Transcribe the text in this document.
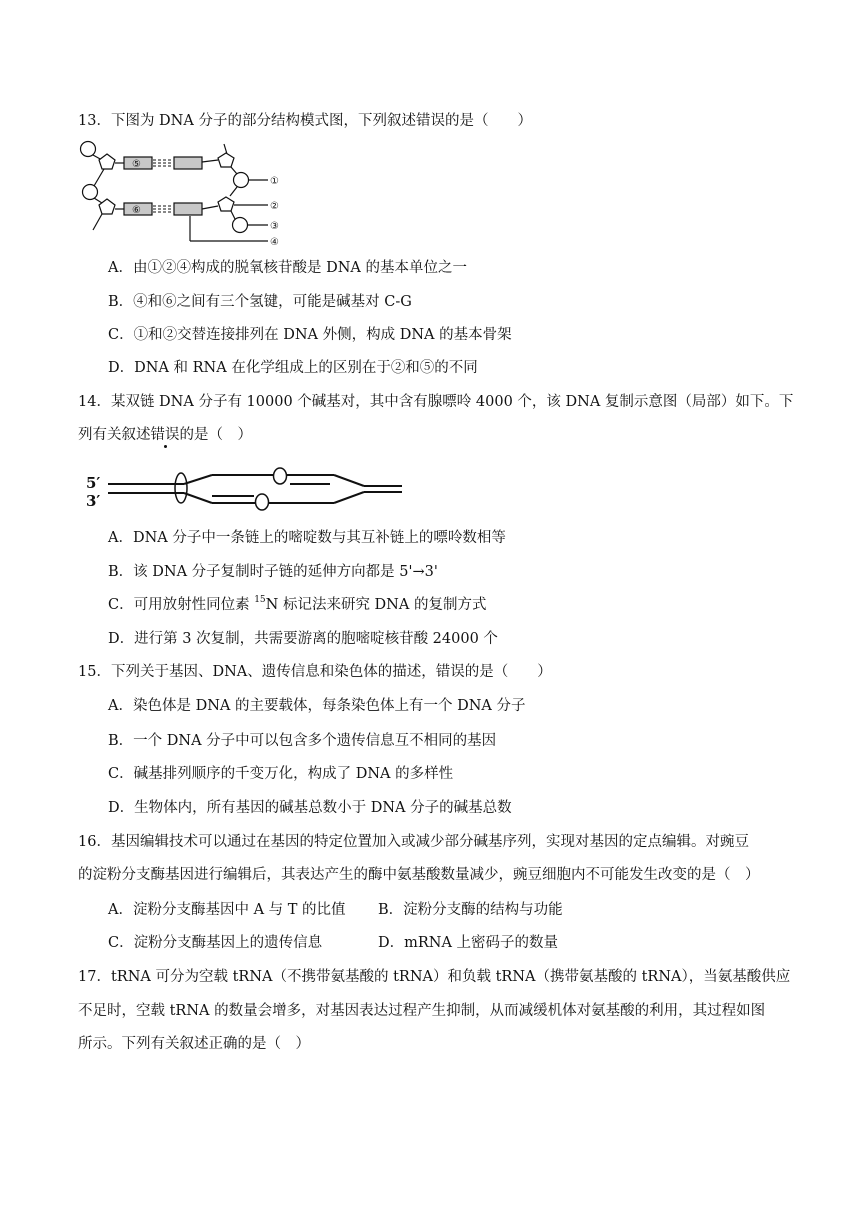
13．下图为 DNA 分子的部分结构模式图，下列叙述错误的是（　　）
⑤
⑥
①
②
③
④
A．由①②④构成的脱氧核苷酸是 DNA 的基本单位之一
B．④和⑥之间有三个氢键，可能是碱基对 C-G
C．①和②交替连接排列在 DNA 外侧，构成 DNA 的基本骨架
D．DNA 和 RNA 在化学组成上的区别在于②和⑤的不同
14．某双链 DNA 分子有 10000 个碱基对，其中含有腺嘌呤 4000 个，该 DNA 复制示意图（局部）如下。下
列有关叙述错误的是（　）
5′
3′
A．DNA 分子中一条链上的嘧啶数与其互补链上的嘌呤数相等
B．该 DNA 分子复制时子链的延伸方向都是 5'→3'
C．可用放射性同位素 $^{15}$N 标记法来研究 DNA 的复制方式
D．进行第 3 次复制，共需要游离的胞嘧啶核苷酸 24000 个
15．下列关于基因、DNA、遗传信息和染色体的描述，错误的是（　　）
A．染色体是 DNA 的主要载体，每条染色体上有一个 DNA 分子
B．一个 DNA 分子中可以包含多个遗传信息互不相同的基因
C．碱基排列顺序的千变万化，构成了 DNA 的多样性
D．生物体内，所有基因的碱基总数小于 DNA 分子的碱基总数
16．基因编辑技术可以通过在基因的特定位置加入或减少部分碱基序列，实现对基因的定点编辑。对豌豆
的淀粉分支酶基因进行编辑后，其表达产生的酶中氨基酸数量减少，豌豆细胞内不可能发生改变的是（　）
A．淀粉分支酶基因中 A 与 T 的比值 B．淀粉分支酶的结构与功能
C．淀粉分支酶基因上的遗传信息	D．mRNA 上密码子的数量
17．tRNA 可分为空载 tRNA（不携带氨基酸的 tRNA）和负载 tRNA（携带氨基酸的 tRNA），当氨基酸供应
不足时，空载 tRNA 的数量会增多，对基因表达过程产生抑制，从而减缓机体对氨基酸的利用，其过程如图
所示。下列有关叙述正确的是（　）
